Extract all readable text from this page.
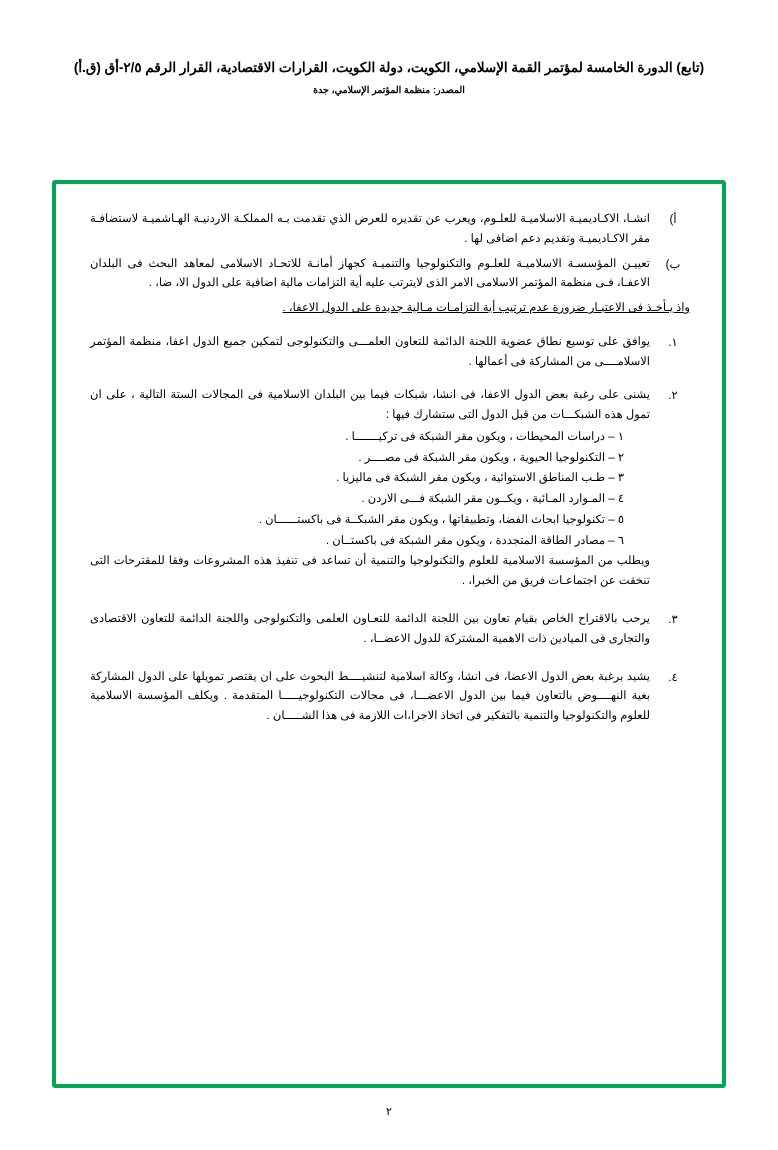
(تابع) الدورة الخامسة لمؤتمر القمة الإسلامي، الكويت، دولة الكويت، القرارات الاقتصادية، القرار الرقم ٢/٥-أق (ق.أ)
المصدر: ‏منظمة المؤتمر الإسلامي، جدة
أ)
انشـا، الاكـاديميـة الاسلاميـة للعلـوم، ويعرب عن تقديره للعرض الذي تقدمت بـه المملكـة الاردنيـة الهـاشميـة لاستضافـة مقر الاكـاديميـة وتقديم دعم اضافى لها .
ب)
تعييـن المؤسسـة الاسلاميـة للعلـوم والتكنولوجيا والتنميـة كجهاز أمانـة للاتحـاد الاسلامى لمعاهد البحث فى البلدان الاعفـا، فـى منظمة المؤتمر الاسلامى الامر الذى لايترتب عليه أية التزامات مالية اضافية على الدول الا، ضا، .
واذ يـأخـذ فى الاعتبـار ضرورة عدم ترتيب أية التزامـات مـالية جديدة على الدول الاعفا، .
١.
يوافق على توسيع نطاق عضوية اللجنة الدائمة للتعاون العلمـــى والتكنولوجى لتمكين جميع الدول اعفا، منظمة المؤتمر الاسلامــــى من المشاركة فى أعمالها .
٢.

يشنى على رغبة بعض الدول الاعفا، فى انشا، شبكات فيما بين البلدان الاسلامية فى المجالات الستة التالية ، على ان تمول هذه الشبكـــات من قبل الدول التى ستشارك فيها :

١ – دراسات المحيطات ، ويكون مقر الشبكة فى تركيـــــــا .
٢ – التكنولوجيا الحيوية ، ويكون مقر الشبكة فى مصــــر .
٣ – طـب المناطق الاستوائية ، ويكون مقر الشبكة فى ماليزيا .
٤ – المـوارد المـائية ، ويكــون مقر الشبكة فـــى الاردن .
٥ – تكنولوجيا ابحاث الفضا، وتطبيقاتها ، ويكون مقر الشبكــة فى باكستــــــان .
٦ – مصادر الطاقة المتجددة ، ويكون مقر الشبكة فى باكستــان .

ويطلب من المؤسسة الاسلامية للعلوم والتكنولوجيا والتنمية أن تساعد فى تنفيذ هذه المشروعات وفقا للمقترحات التى تنخقت عن اجتماعـات فريق من الخبرا، .

٣.
يرحب بالاقتراح الخاص بقيام تعاون بين اللجنة الدائمة للتعـاون العلمى والتكنولوجى واللجنة الدائمة للتعاون الاقتصادى والتجارى فى الميادين ذات الاهمية المشتركة للدول الاعضــا، .
٤.
يشيد برغبة بعض الدول الاعضا، فى انشا، وكالة اسلامية لتنشيــــط البحوث على ان يقتصر تمويلها على الدول المشاركة بغية النهــــوض بالتعاون فيما بين الدول الاعضـــا، فى مجالات التكنولوجيـــــا المتقدمة . ويكلف المؤسسة الاسلامية للعلوم والتكنولوجيا والتنمية بالتفكير فى اتخاذ الاجرا،ات اللازمة فى هذا الشـــــان .
٢
